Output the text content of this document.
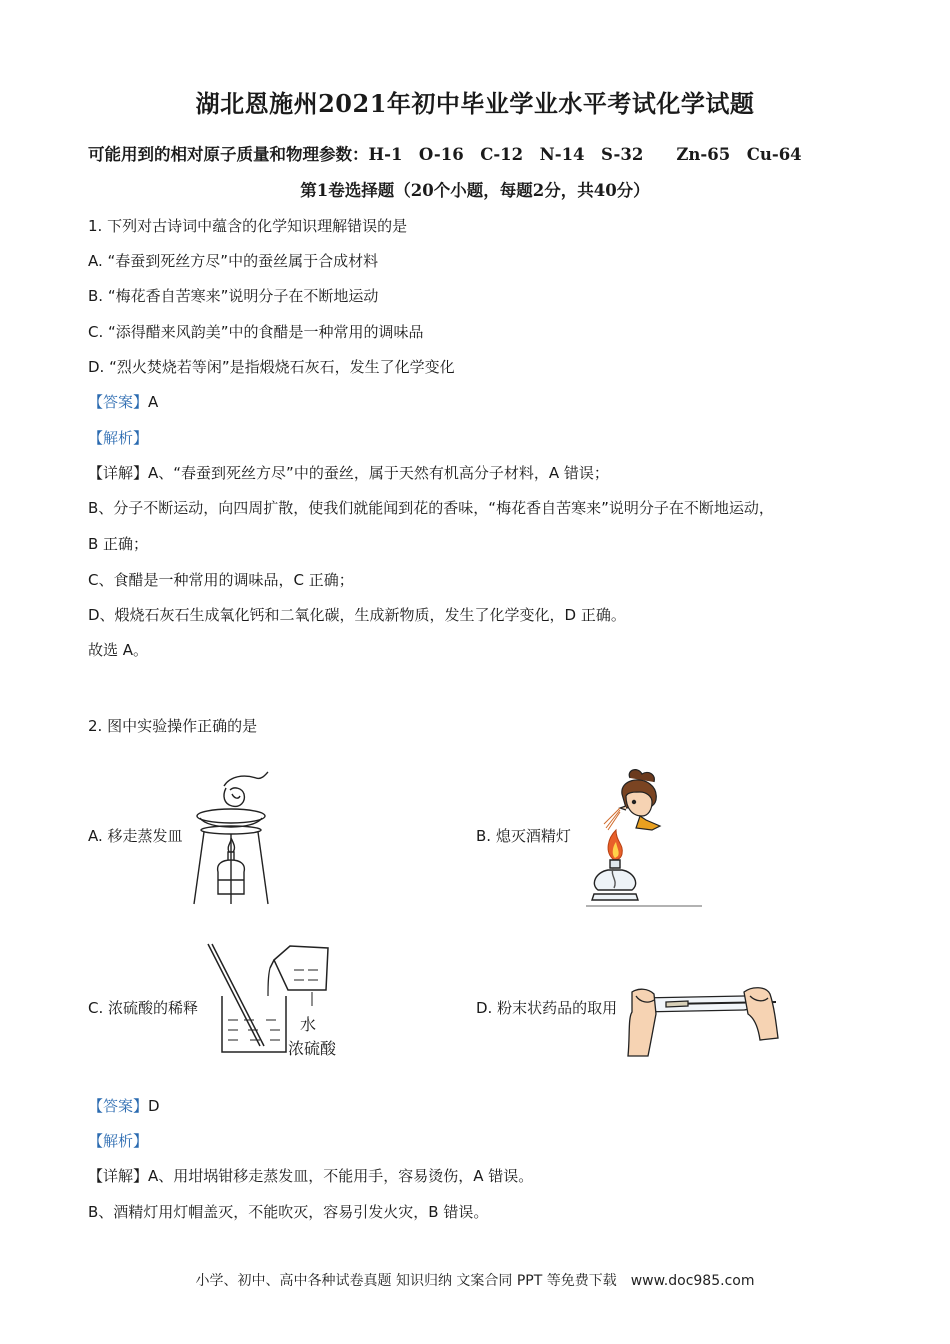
湖北恩施州2021年初中毕业学业水平考试化学试题
可能用到的相对原子质量和物理参数：H-1　O-16　C-12　N-14　S-32　　Zn-65　Cu-64
第1卷选择题（20个小题，每题2分，共40分）
1. 下列对古诗词中蕴含的化学知识理解错误的是
A. “春蚕到死丝方尽”中的蚕丝属于合成材料
B. “梅花香自苦寒来”说明分子在不断地运动
C. “添得醋来风韵美”中的食醋是一种常用的调味品
D. “烈火焚烧若等闲”是指煅烧石灰石，发生了化学变化
【答案】A
【解析】
【详解】A、“春蚕到死丝方尽”中的蚕丝，属于天然有机高分子材料，A 错误；
B、分子不断运动，向四周扩散，使我们就能闻到花的香味，“梅花香自苦寒来”说明分子在不断地运动，
B 正确；
C、食醋是一种常用的调味品，C 正确；
D、煅烧石灰石生成氧化钙和二氧化碳，生成新物质，发生了化学变化，D 正确。
故选 A。
2. 图中实验操作正确的是
A. 移走蒸发皿	B. 熄灭酒精灯
C. 浓硫酸的稀释
水
浓硫酸
D. 粉末状药品的取用
【答案】D
【解析】
【详解】A、用坩埚钳移走蒸发皿，不能用手，容易烫伤，A 错误。
B、酒精灯用灯帽盖灭，不能吹灭，容易引发火灾，B 错误。
小学、初中、高中各种试卷真题 知识归纳 文案合同 PPT 等免费下载　www.doc985.com
